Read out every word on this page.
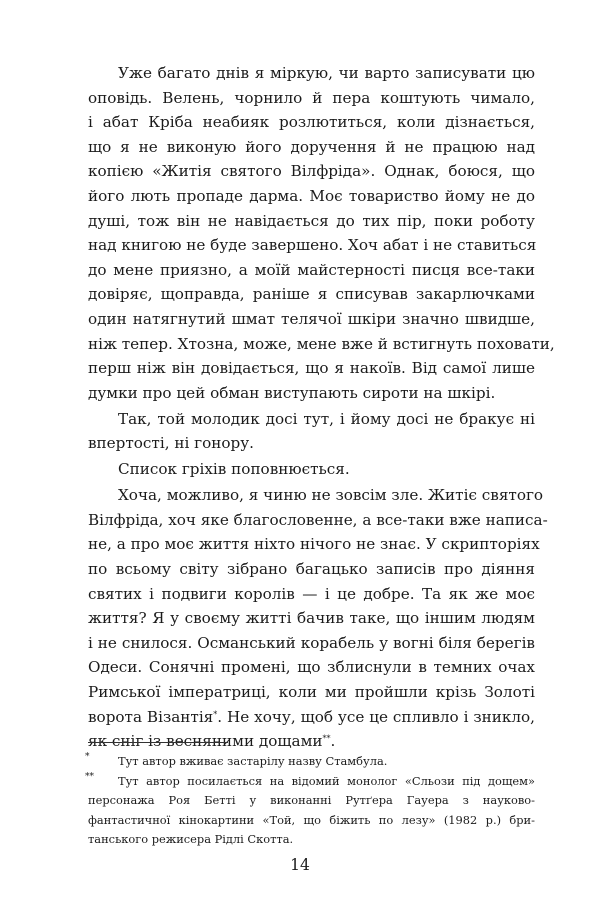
Уже багато днів я міркую, чи варто записувати цю
оповідь. Велень, чорнило й пера коштують чимало,
і абат Кріба неабияк розлютиться, коли дізнається,
що я не виконую його доручення й не працюю над
копією «Житія святого Вілфріда». Однак, боюся, що
його лють пропаде дарма. Моє товариство йому не до
душі, тож він не навідається до тих пір, поки роботу
над книгою не буде завершено. Хоч абат і не ставиться
до мене приязно, а моїй майстерності писця все-таки
довіряє, щоправда, раніше я списував закарлючками
один натягнутий шмат телячої шкіри значно швидше,
ніж тепер. Хтозна, може, мене вже й встигнуть поховати,
перш ніж він довідається, що я накоїв. Від самої лише
думки про цей обман виступають сироти на шкірі.
Так, той молодик досі тут, і йому досі не бракує ні
впертості, ні гонору.
Список гріхів поповнюється.
Хоча, можливо, я чиню не зовсім зле. Житіє святого
Вілфріда, хоч яке благословенне, а все-таки вже написа-
не, а про моє життя ніхто нічого не знає. У скрипторіях
по всьому світу зібрано багацько записів про діяння
святих і подвиги королів — і це добре. Та як же моє
життя? Я у своєму житті бачив таке, що іншим людям
і не снилося. Османський корабель у вогні біля берегів
Одеси. Сонячні промені, що зблиснули в темних очах
Римської імператриці, коли ми пройшли крізь Золоті
ворота Візантія*. Не хочу, щоб усе це спливло і зникло,
як сніг із весняними дощами**.
*	Тут автор вживає застарілу назву Стамбула.
**	Тут автор посилається на відомий монолог «Сльози під дощем»
персонажа Роя Бетті у виконанні Рутґера Гауера з науково-
фантастичної кінокартини «Той, що біжить по лезу» (1982 р.) бри-
танського режисера Рідлі Скотта.
14
